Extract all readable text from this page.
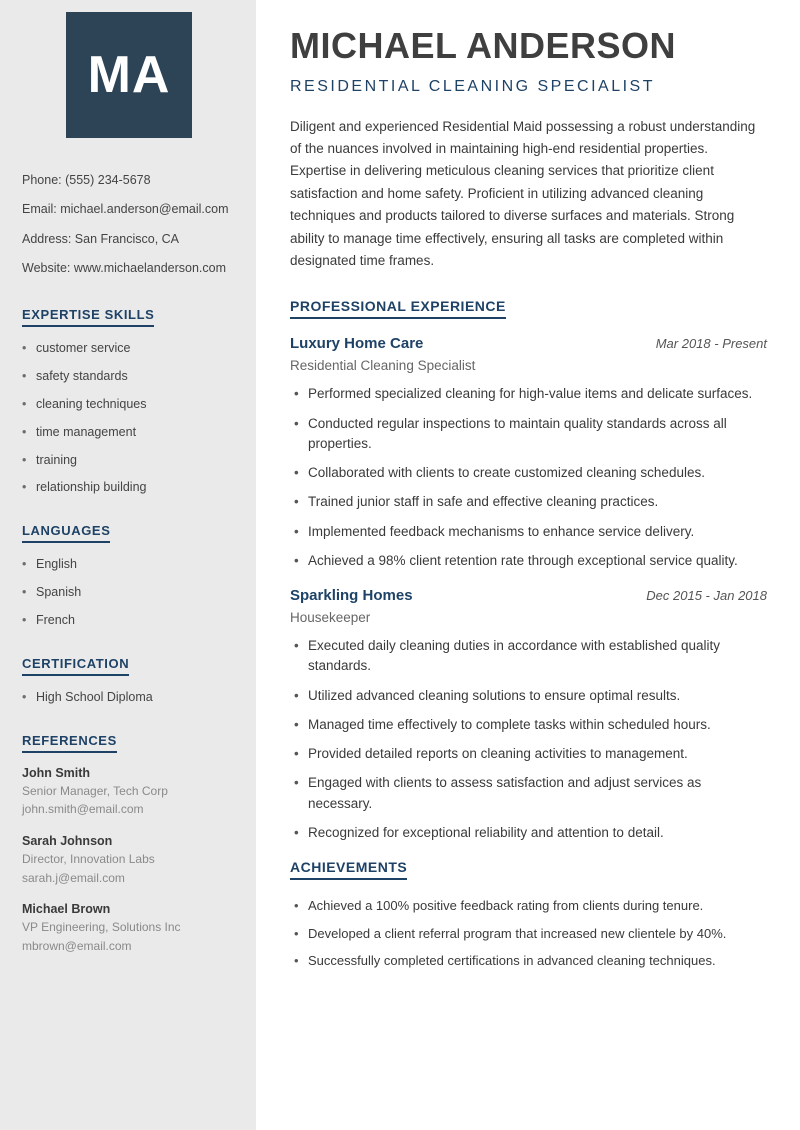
MA
Phone: (555) 234-5678
Email: michael.anderson@email.com
Address: San Francisco, CA
Website: www.michaelanderson.com
EXPERTISE SKILLS
• customer service
• safety standards
• cleaning techniques
• time management
• training
• relationship building
LANGUAGES
• English
• Spanish
• French
CERTIFICATION
• High School Diploma
REFERENCES
John Smith
Senior Manager, Tech Corp
john.smith@email.com
Sarah Johnson
Director, Innovation Labs
sarah.j@email.com
Michael Brown
VP Engineering, Solutions Inc
mbrown@email.com
MICHAEL ANDERSON
RESIDENTIAL CLEANING SPECIALIST

Diligent and experienced Residential Maid possessing a robust understanding of the nuances involved in maintaining high-end residential properties. Expertise in delivering meticulous cleaning services that prioritize client satisfaction and home safety. Proficient in utilizing advanced cleaning techniques and products tailored to diverse surfaces and materials. Strong ability to manage time effectively, ensuring all tasks are completed within designated time frames.

PROFESSIONAL EXPERIENCE
Luxury Home Care	Mar 2018 - Present
Residential Cleaning Specialist
• Performed specialized cleaning for high-value items and delicate surfaces.
• Conducted regular inspections to maintain quality standards across all properties.
• Collaborated with clients to create customized cleaning schedules.
• Trained junior staff in safe and effective cleaning practices.
• Implemented feedback mechanisms to enhance service delivery.
• Achieved a 98% client retention rate through exceptional service quality.
Sparkling Homes	Dec 2015 - Jan 2018
Housekeeper
• Executed daily cleaning duties in accordance with established quality standards.
• Utilized advanced cleaning solutions to ensure optimal results.
• Managed time effectively to complete tasks within scheduled hours.
• Provided detailed reports on cleaning activities to management.
• Engaged with clients to assess satisfaction and adjust services as necessary.
• Recognized for exceptional reliability and attention to detail.
ACHIEVEMENTS
• Achieved a 100% positive feedback rating from clients during tenure.
• Developed a client referral program that increased new clientele by 40%.
• Successfully completed certifications in advanced cleaning techniques.
